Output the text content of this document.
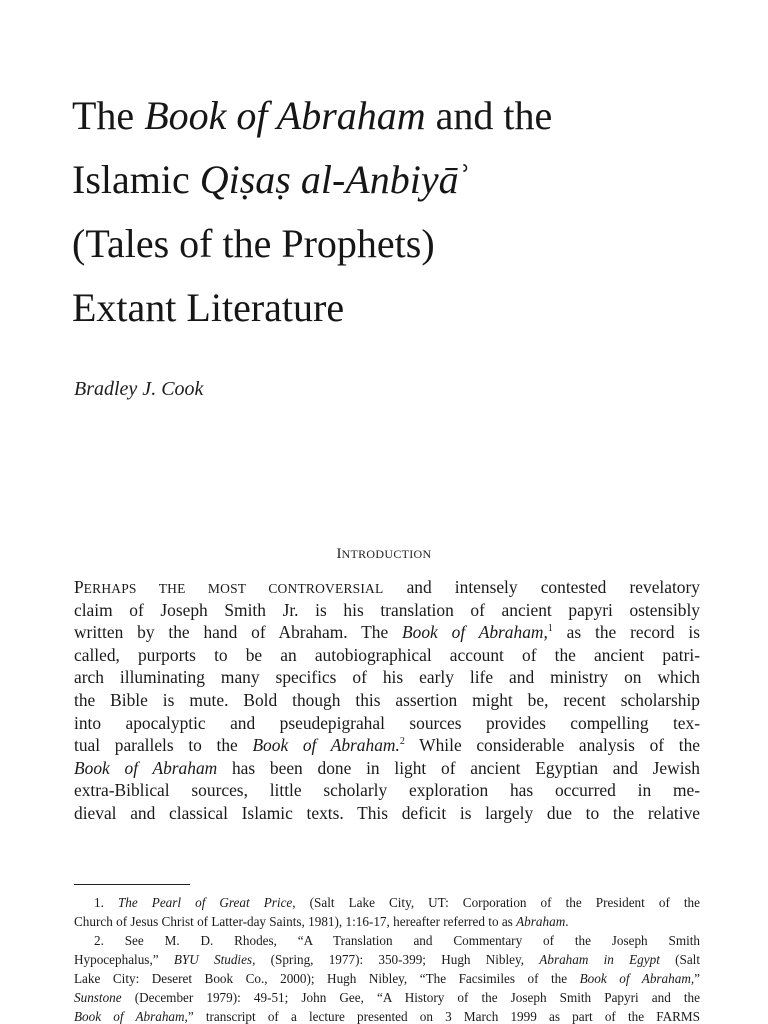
The Book of Abraham and the
Islamic Qiṣaṣ al-Anbiyāʾ
(Tales of the Prophets)
Extant Literature
Bradley J. Cook
INTRODUCTION
PERHAPS THE MOST CONTROVERSIAL and intensely contested revelatory
claim of Joseph Smith Jr. is his translation of ancient papyri ostensibly
written by the hand of Abraham. The Book of Abraham,$^1$ as the record is
called, purports to be an autobiographical account of the ancient patri-
arch illuminating many specifics of his early life and ministry on which
the Bible is mute. Bold though this assertion might be, recent scholarship
into apocalyptic and pseudepigrahal sources provides compelling tex-
tual parallels to the Book of Abraham.$^2$ While considerable analysis of the
Book of Abraham has been done in light of ancient Egyptian and Jewish
extra-Biblical sources, little scholarly exploration has occurred in me-
dieval and classical Islamic texts. This deficit is largely due to the relative
1. The Pearl of Great Price, (Salt Lake City, UT: Corporation of the President of the
Church of Jesus Christ of Latter-day Saints, 1981), 1:16-17, hereafter referred to as Abraham.
2. See M. D. Rhodes, “A Translation and Commentary of the Joseph Smith
Hypocephalus,” BYU Studies, (Spring, 1977): 350-399; Hugh Nibley, Abraham in Egypt (Salt
Lake City: Deseret Book Co., 2000); Hugh Nibley, “The Facsimiles of the Book of Abraham,”
Sunstone (December 1979): 49-51; John Gee, “A History of the Joseph Smith Papyri and the
Book of Abraham,” transcript of a lecture presented on 3 March 1999 as part of the FARMS
